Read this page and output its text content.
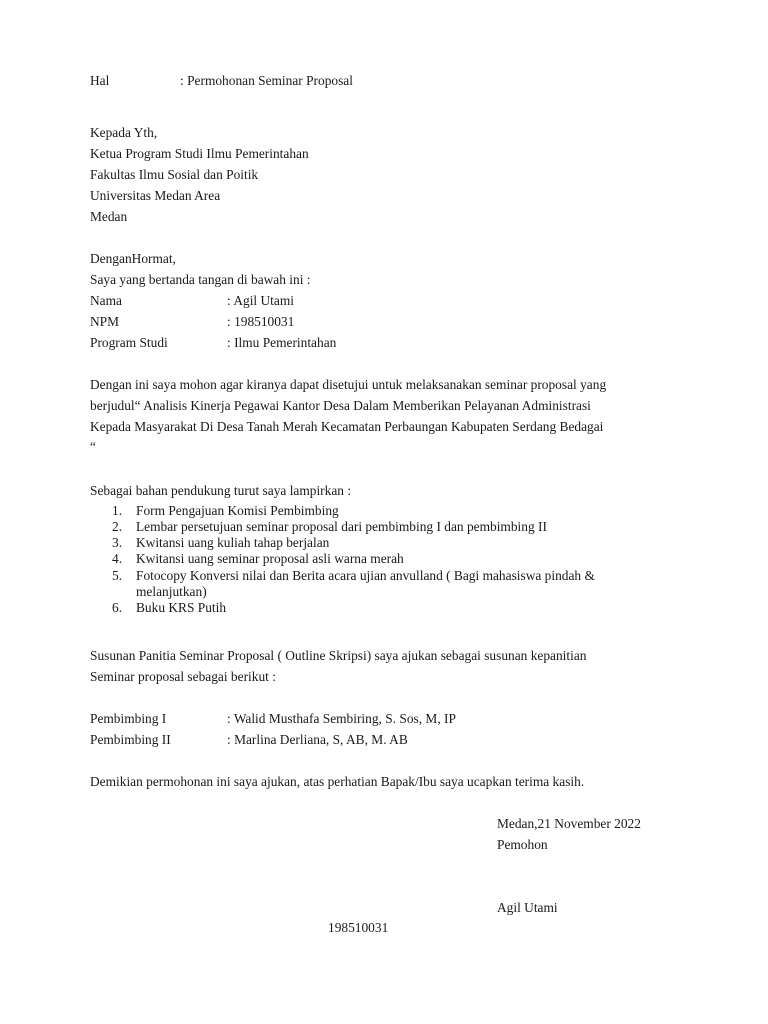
Hal	: Permohonan Seminar Proposal
Kepada Yth,
Ketua Program Studi Ilmu Pemerintahan
Fakultas Ilmu Sosial dan Poitik
Universitas Medan Area
Medan
DenganHormat,
Saya yang bertanda tangan di bawah ini :
Nama	: Agil Utami
NPM	: 198510031
Program Studi	: Ilmu Pemerintahan
Dengan ini saya mohon agar kiranya dapat disetujui untuk melaksanakan seminar proposal yang
berjudul“ Analisis Kinerja Pegawai Kantor Desa Dalam Memberikan Pelayanan Administrasi
Kepada Masyarakat Di Desa Tanah Merah Kecamatan Perbaungan Kabupaten Serdang Bedagai
“
Sebagai bahan pendukung turut saya lampirkan :
1. Form Pengajuan Komisi Pembimbing
2. Lembar persetujuan seminar proposal dari pembimbing I dan pembimbing II
3. Kwitansi uang kuliah tahap berjalan
4. Kwitansi uang seminar proposal asli warna merah
5. Fotocopy Konversi nilai dan Berita acara ujian anvulland ( Bagi mahasiswa pindah &
melanjutkan)
6. Buku KRS Putih
Susunan Panitia Seminar Proposal ( Outline Skripsi) saya ajukan sebagai susunan kepanitian
Seminar proposal sebagai berikut :
Pembimbing I	: Walid Musthafa Sembiring, S. Sos, M, IP
Pembimbing II	: Marlina Derliana, S, AB, M. AB
Demikian permohonan ini saya ajukan, atas perhatian Bapak/Ibu saya ucapkan terima kasih.
Medan,21 November 2022
Pemohon
Agil Utami
198510031
